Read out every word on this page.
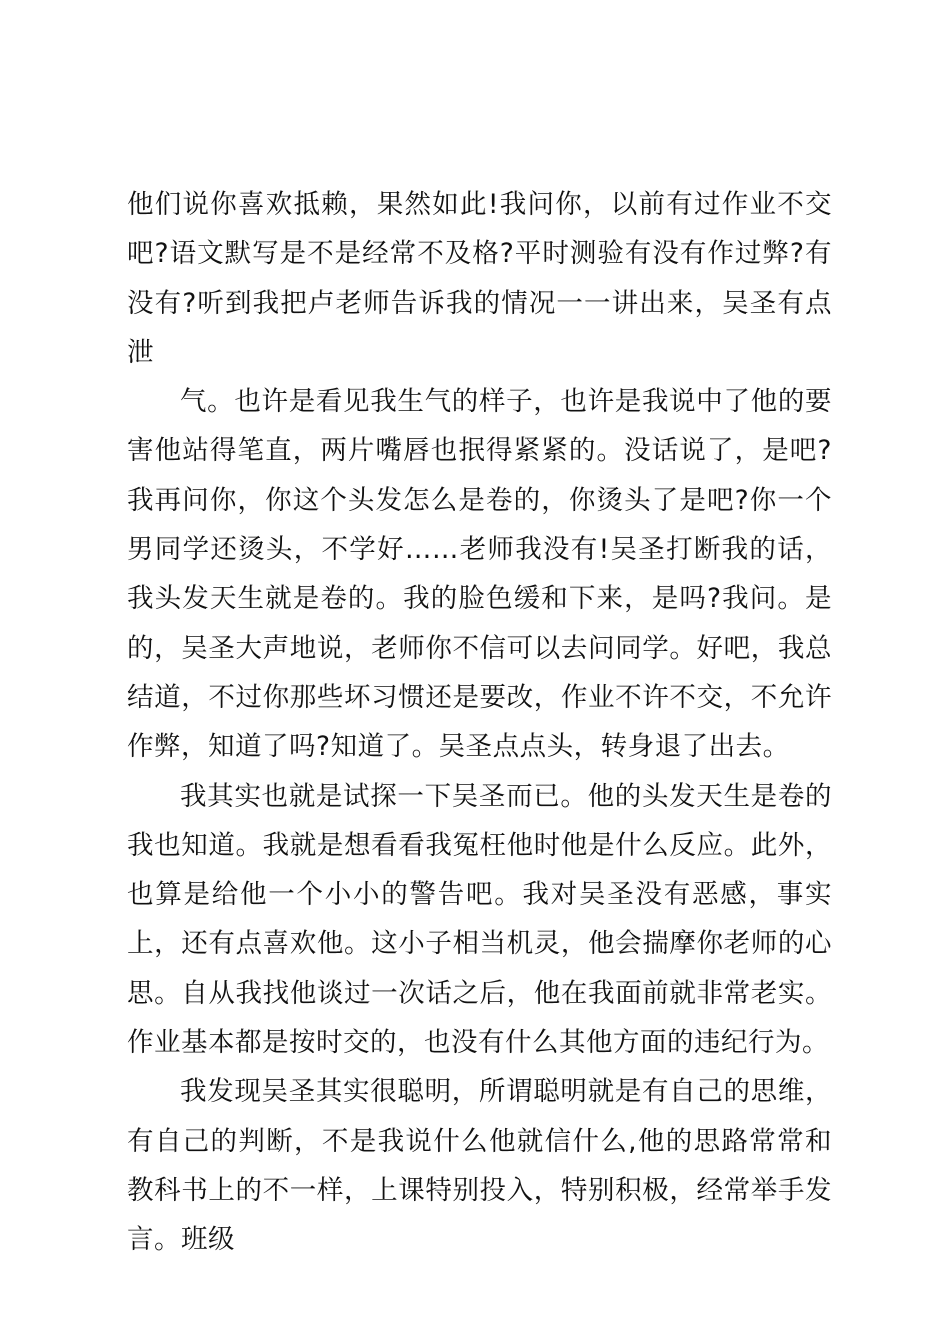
他们说你喜欢抵赖，果然如此!我问你，以前有过作业不交吧?语文默写是不是经常不及格?平时测验有没有作过弊?有没有?听到我把卢老师告诉我的情况一一讲出来，吴圣有点泄

气。也许是看见我生气的样子，也许是我说中了他的要害他站得笔直，两片嘴唇也抿得紧紧的。没话说了，是吧?我再问你，你这个头发怎么是卷的，你烫头了是吧?你一个男同学还烫头，不学好……老师我没有!吴圣打断我的话，我头发天生就是卷的。我的脸色缓和下来，是吗?我问。是的，吴圣大声地说，老师你不信可以去问同学。好吧，我总结道，不过你那些坏习惯还是要改，作业不许不交，不允许作弊，知道了吗?知道了。吴圣点点头，转身退了出去。

我其实也就是试探一下吴圣而已。他的头发天生是卷的我也知道。我就是想看看我冤枉他时他是什么反应。此外，也算是给他一个小小的警告吧。我对吴圣没有恶感，事实上，还有点喜欢他。这小子相当机灵，他会揣摩你老师的心思。自从我找他谈过一次话之后，他在我面前就非常老实。作业基本都是按时交的，也没有什么其他方面的违纪行为。

我发现吴圣其实很聪明，所谓聪明就是有自己的思维，有自己的判断，不是我说什么他就信什么,他的思路常常和教科书上的不一样，上课特别投入，特别积极，经常举手发言。班级
